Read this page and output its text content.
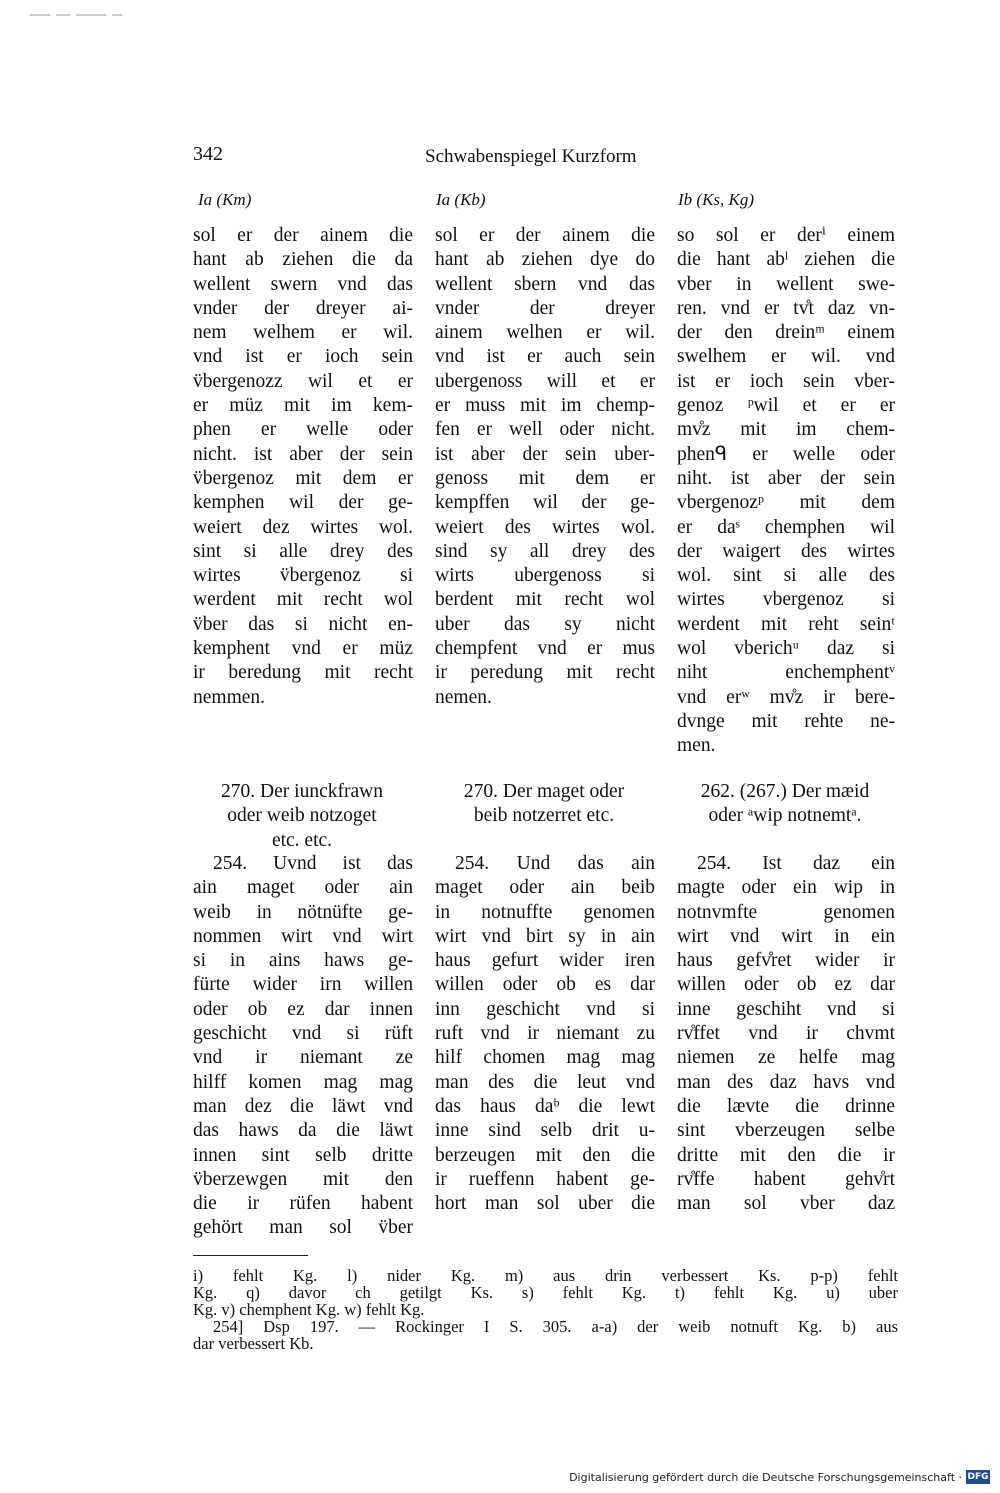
342	Schwabenspiegel Kurzform
Ia (Km)	Ia (Kb)	Ib (Ks, Kg)
sol er der ainem die
hant ab ziehen die da
wellent swern vnd das
vnder der dreyer ai-
nem welhem er wil.
vnd ist er ioch sein
v̈bergenozz wil et er
er müz mit im kem-
phen er welle oder
nicht. ist aber der sein
v̈bergenoz mit dem er
kemphen wil der ge-
weiert dez wirtes wol.
sint si alle drey des
wirtes v̈bergenoz si
werdent mit recht wol
v̈ber das si nicht en-
kemphent vnd er müz
ir beredung mit recht
nemmen.
sol er der ainem die
hant ab ziehen dye do
wellent sbern vnd das
vnder der dreyer
ainem welhen er wil.
vnd ist er auch sein
ubergenoss will et er
er muss mit im chemp-
fen er well oder nicht.
ist aber der sein uber-
genoss mit dem er
kempffen wil der ge-
weiert des wirtes wol.
sind sy all drey des
wirts ubergenoss si
berdent mit recht wol
uber das sy nicht
chempfent vnd er mus
ir peredung mit recht
nemen.
so sol er derⁱ einem
die hant abˡ ziehen die
vber in wellent swe-
ren. vnd er tv̊t daz vn-
der den dreinᵐ einem
swelhem er wil. vnd
ist er ioch sein vber-
genoz ᵖwil et er er
mv̊z mit im chem-
phenᑫ er welle oder
niht. ist aber der sein
vbergenozᵖ mit dem
er daˢ chemphen wil
der waigert des wirtes
wol. sint si alle des
wirtes vbergenoz si
werdent mit reht seinᵗ
wol vberichᵘ daz si
niht enchemphentᵛ
vnd erʷ mv̊z ir bere-
dvnge mit rehte ne-
men.
270. Der iunckfrawn
oder weib notzoget
etc. etc.
270. Der maget oder
beib notzerret etc.
262. (267.) Der mæid
oder ᵃwip notnemtᵃ.
254. Uvnd ist das
ain maget oder ain
weib in nötnüfte ge-
nommen wirt vnd wirt
si in ains haws ge-
fürte wider irn willen
oder ob ez dar innen
geschicht vnd si rüft
vnd ir niemant ze
hilff komen mag mag
man dez die läwt vnd
das haws da die läwt
innen sint selb dritte
v̈berzewgen mit den
die ir rüfen habent
gehört man sol v̈ber
254. Und das ain
maget oder ain beib
in notnuffte genomen
wirt vnd birt sy in ain
haus gefurt wider iren
willen oder ob es dar
inn geschicht vnd si
ruft vnd ir niemant zu
hilf chomen mag mag
man des die leut vnd
das haus daᵇ die lewt
inne sind selb drit u-
berzeugen mit den die
ir rueffenn habent ge-
hort man sol uber die
254. Ist daz ein
magte oder ein wip in
notnvmfte genomen
wirt vnd wirt in ein
haus gefv̊ret wider ir
willen oder ob ez dar
inne geschiht vnd si
rv̊ffet vnd ir chvmt
niemen ze helfe mag
man des daz havs vnd
die lævte die drinne
sint vberzeugen selbe
dritte mit den die ir
rv̊ffe habent gehv̊rt
man sol vber daz
i) fehlt Kg. l) nider Kg. m) aus drin verbessert Ks. p-p) fehlt
Kg. q) davor ch getilgt Ks. s) fehlt Kg. t) fehlt Kg. u) uber
Kg. v) chemphent Kg. w) fehlt Kg.
254] Dsp 197. — Rockinger I S. 305. a-a) der weib notnuft Kg. b) aus
dar verbessert Kb.
Digitalisierung gefördert durch die Deutsche Forschungsgemeinschaft · DFG
